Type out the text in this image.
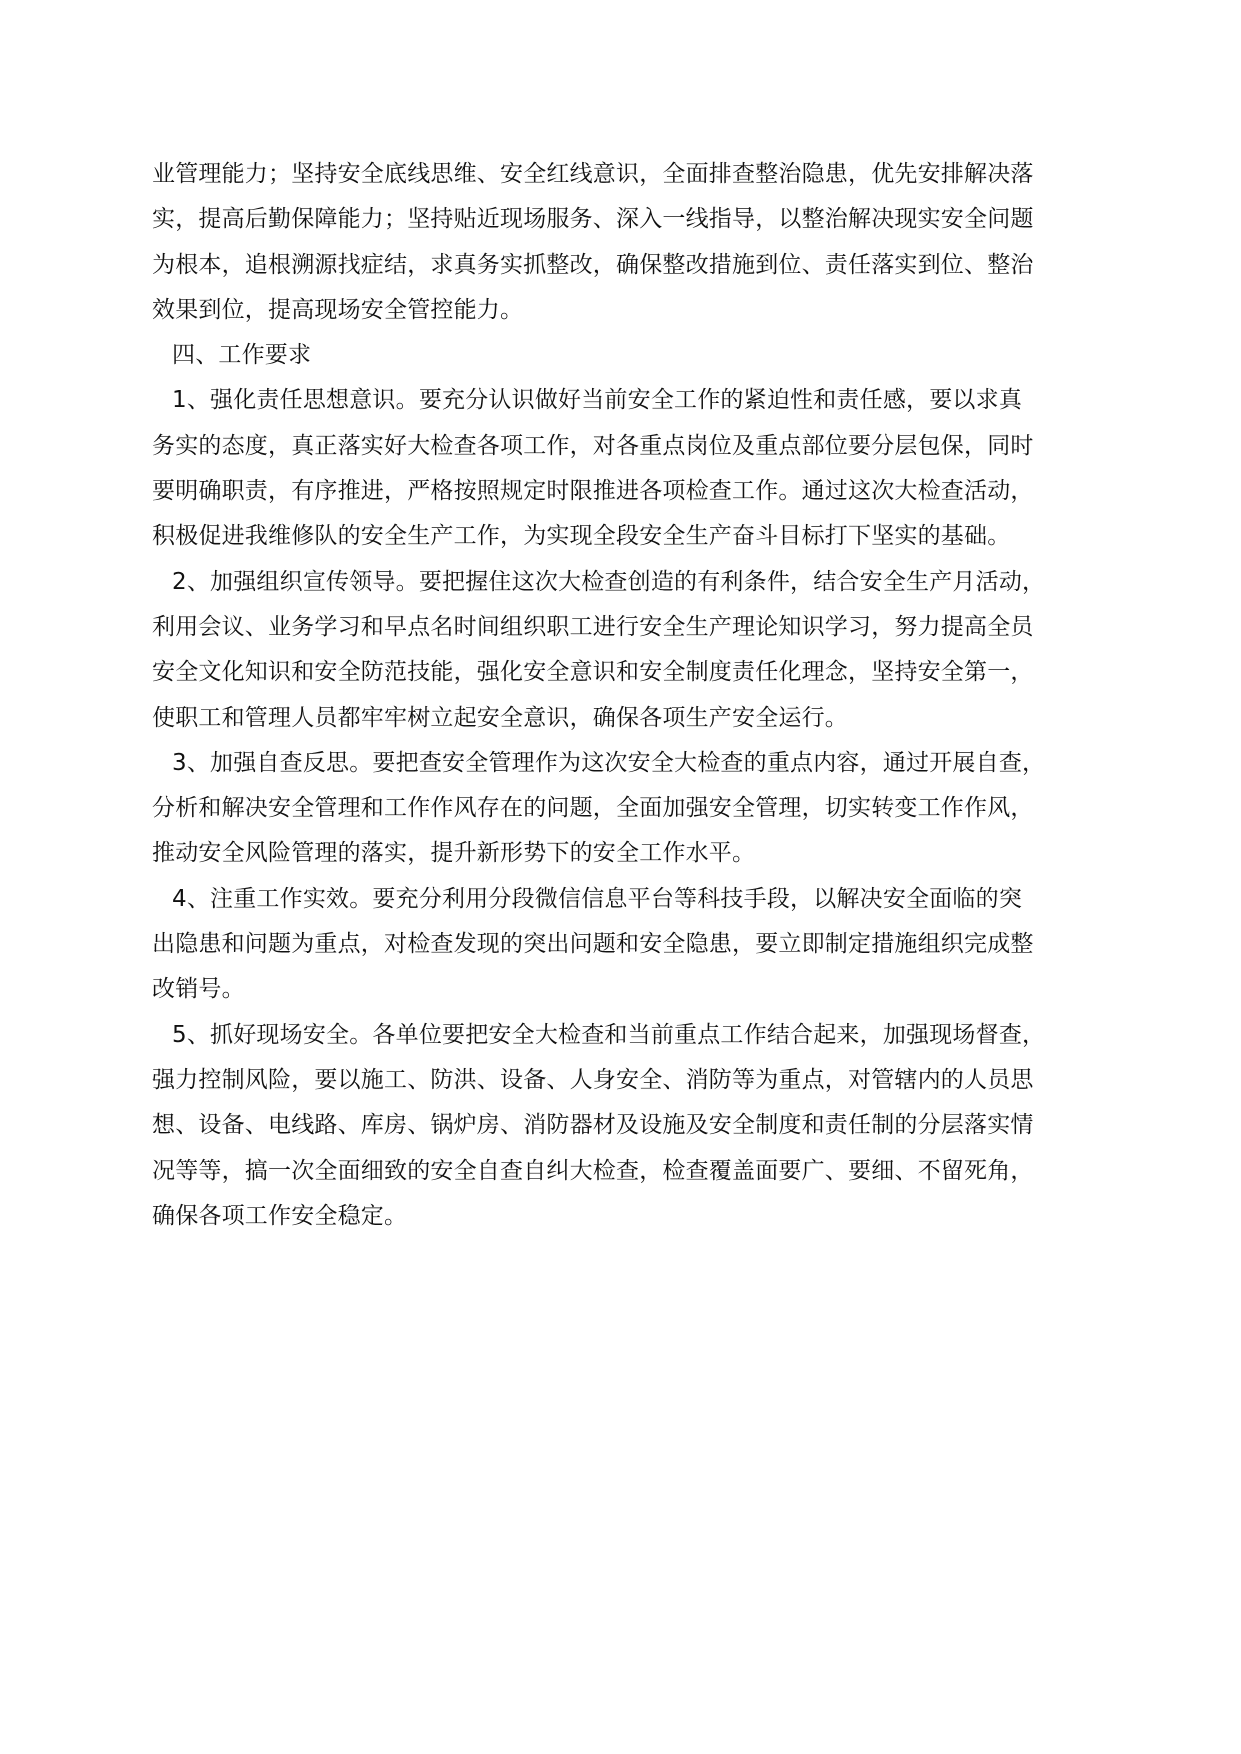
业管理能力；坚持安全底线思维、安全红线意识，全面排查整治隐患，优先安排解决落
实，提高后勤保障能力；坚持贴近现场服务、深入一线指导，以整治解决现实安全问题
为根本，追根溯源找症结，求真务实抓整改，确保整改措施到位、责任落实到位、整治
效果到位，提高现场安全管控能力。
四、工作要求
1、强化责任思想意识。要充分认识做好当前安全工作的紧迫性和责任感，要以求真
务实的态度，真正落实好大检查各项工作，对各重点岗位及重点部位要分层包保，同时
要明确职责，有序推进，严格按照规定时限推进各项检查工作。通过这次大检查活动，
积极促进我维修队的安全生产工作，为实现全段安全生产奋斗目标打下坚实的基础。
2、加强组织宣传领导。要把握住这次大检查创造的有利条件，结合安全生产月活动，
利用会议、业务学习和早点名时间组织职工进行安全生产理论知识学习，努力提高全员
安全文化知识和安全防范技能，强化安全意识和安全制度责任化理念，坚持安全第一，
使职工和管理人员都牢牢树立起安全意识，确保各项生产安全运行。
3、加强自查反思。要把查安全管理作为这次安全大检查的重点内容，通过开展自查，
分析和解决安全管理和工作作风存在的问题，全面加强安全管理，切实转变工作作风，
推动安全风险管理的落实，提升新形势下的安全工作水平。
4、注重工作实效。要充分利用分段微信信息平台等科技手段，以解决安全面临的突
出隐患和问题为重点，对检查发现的突出问题和安全隐患，要立即制定措施组织完成整
改销号。
5、抓好现场安全。各单位要把安全大检查和当前重点工作结合起来，加强现场督查，
强力控制风险，要以施工、防洪、设备、人身安全、消防等为重点，对管辖内的人员思
想、设备、电线路、库房、锅炉房、消防器材及设施及安全制度和责任制的分层落实情
况等等，搞一次全面细致的安全自查自纠大检查，检查覆盖面要广、要细、不留死角，
确保各项工作安全稳定。
